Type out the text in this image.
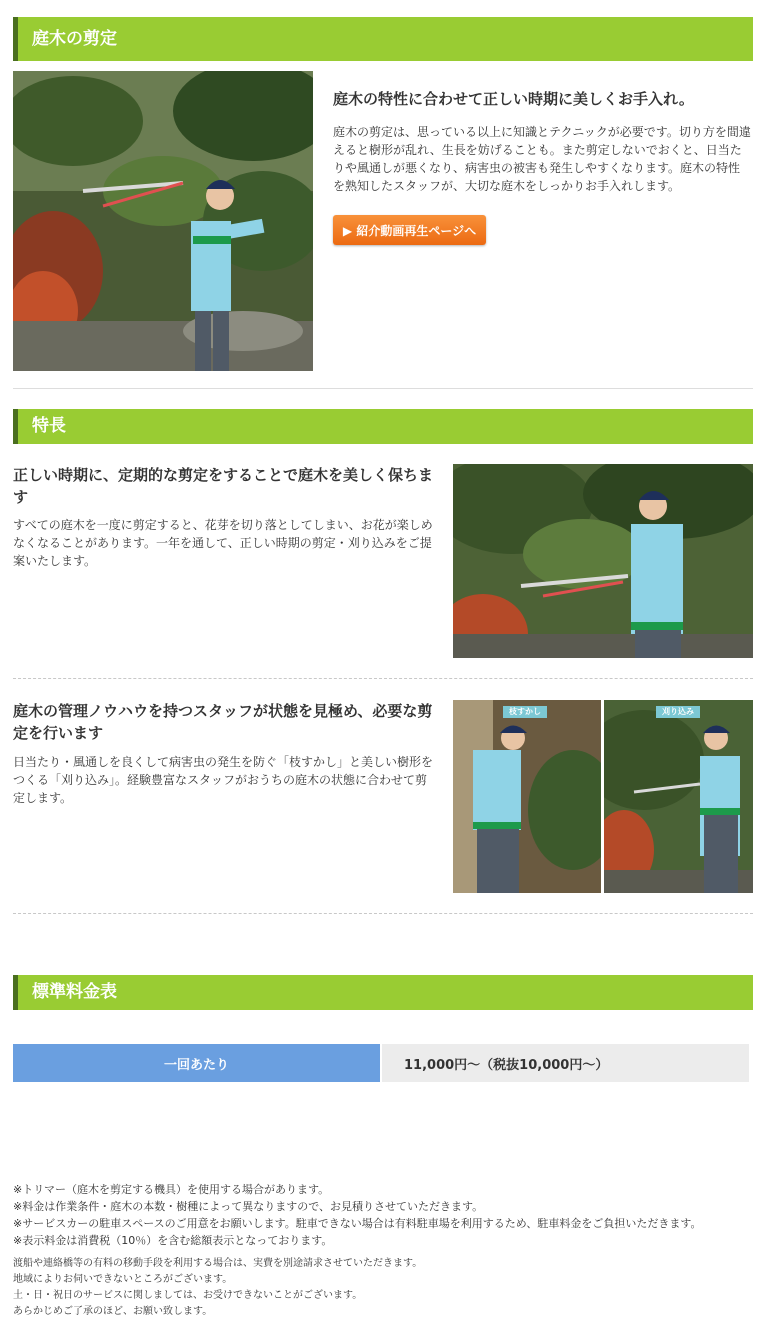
庭木の剪定
庭木の特性に合わせて正しい時期に美しくお手入れ。

庭木の剪定は、思っている以上に知識とテクニックが必要です。切り方を間違えると樹形が乱れ、生長を妨げることも。また剪定しないでおくと、日当たりや風通しが悪くなり、病害虫の被害も発生しやすくなります。庭木の特性を熟知したスタッフが、大切な庭木をしっかりお手入れします。

▶ 紹介動画再生ページへ
特長
正しい時期に、定期的な剪定をすることで庭木を美しく保ちます

すべての庭木を一度に剪定すると、花芽を切り落としてしまい、お花が楽しめなくなることがあります。一年を通して、正しい時期の剪定・刈り込みをご提案いたします。

庭木の管理ノウハウを持つスタッフが状態を見極め、必要な剪定を行います

日当たり・風通しを良くして病害虫の発生を防ぐ「枝すかし」と美しい樹形をつくる「刈り込み」。経験豊富なスタッフがおうちの庭木の状態に合わせて剪定します。

枝すかし	刈り込み
標準料金表
一回あたり	11,000円～（税抜10,000円～）
※トリマー（庭木を剪定する機具）を使用する場合があります。
※料金は作業条件・庭木の本数・樹種によって異なりますので、お見積りさせていただきます。
※サービスカーの駐車スペースのご用意をお願いします。駐車できない場合は有料駐車場を利用するため、駐車料金をご負担いただきます。
※表示料金は消費税（10％）を含む総額表示となっております。
渡船や連絡橋等の有料の移動手段を利用する場合は、実費を別途請求させていただきます。
地域によりお伺いできないところがございます。
土・日・祝日のサービスに関しましては、お受けできないことがございます。
あらかじめご了承のほど、お願い致します。
